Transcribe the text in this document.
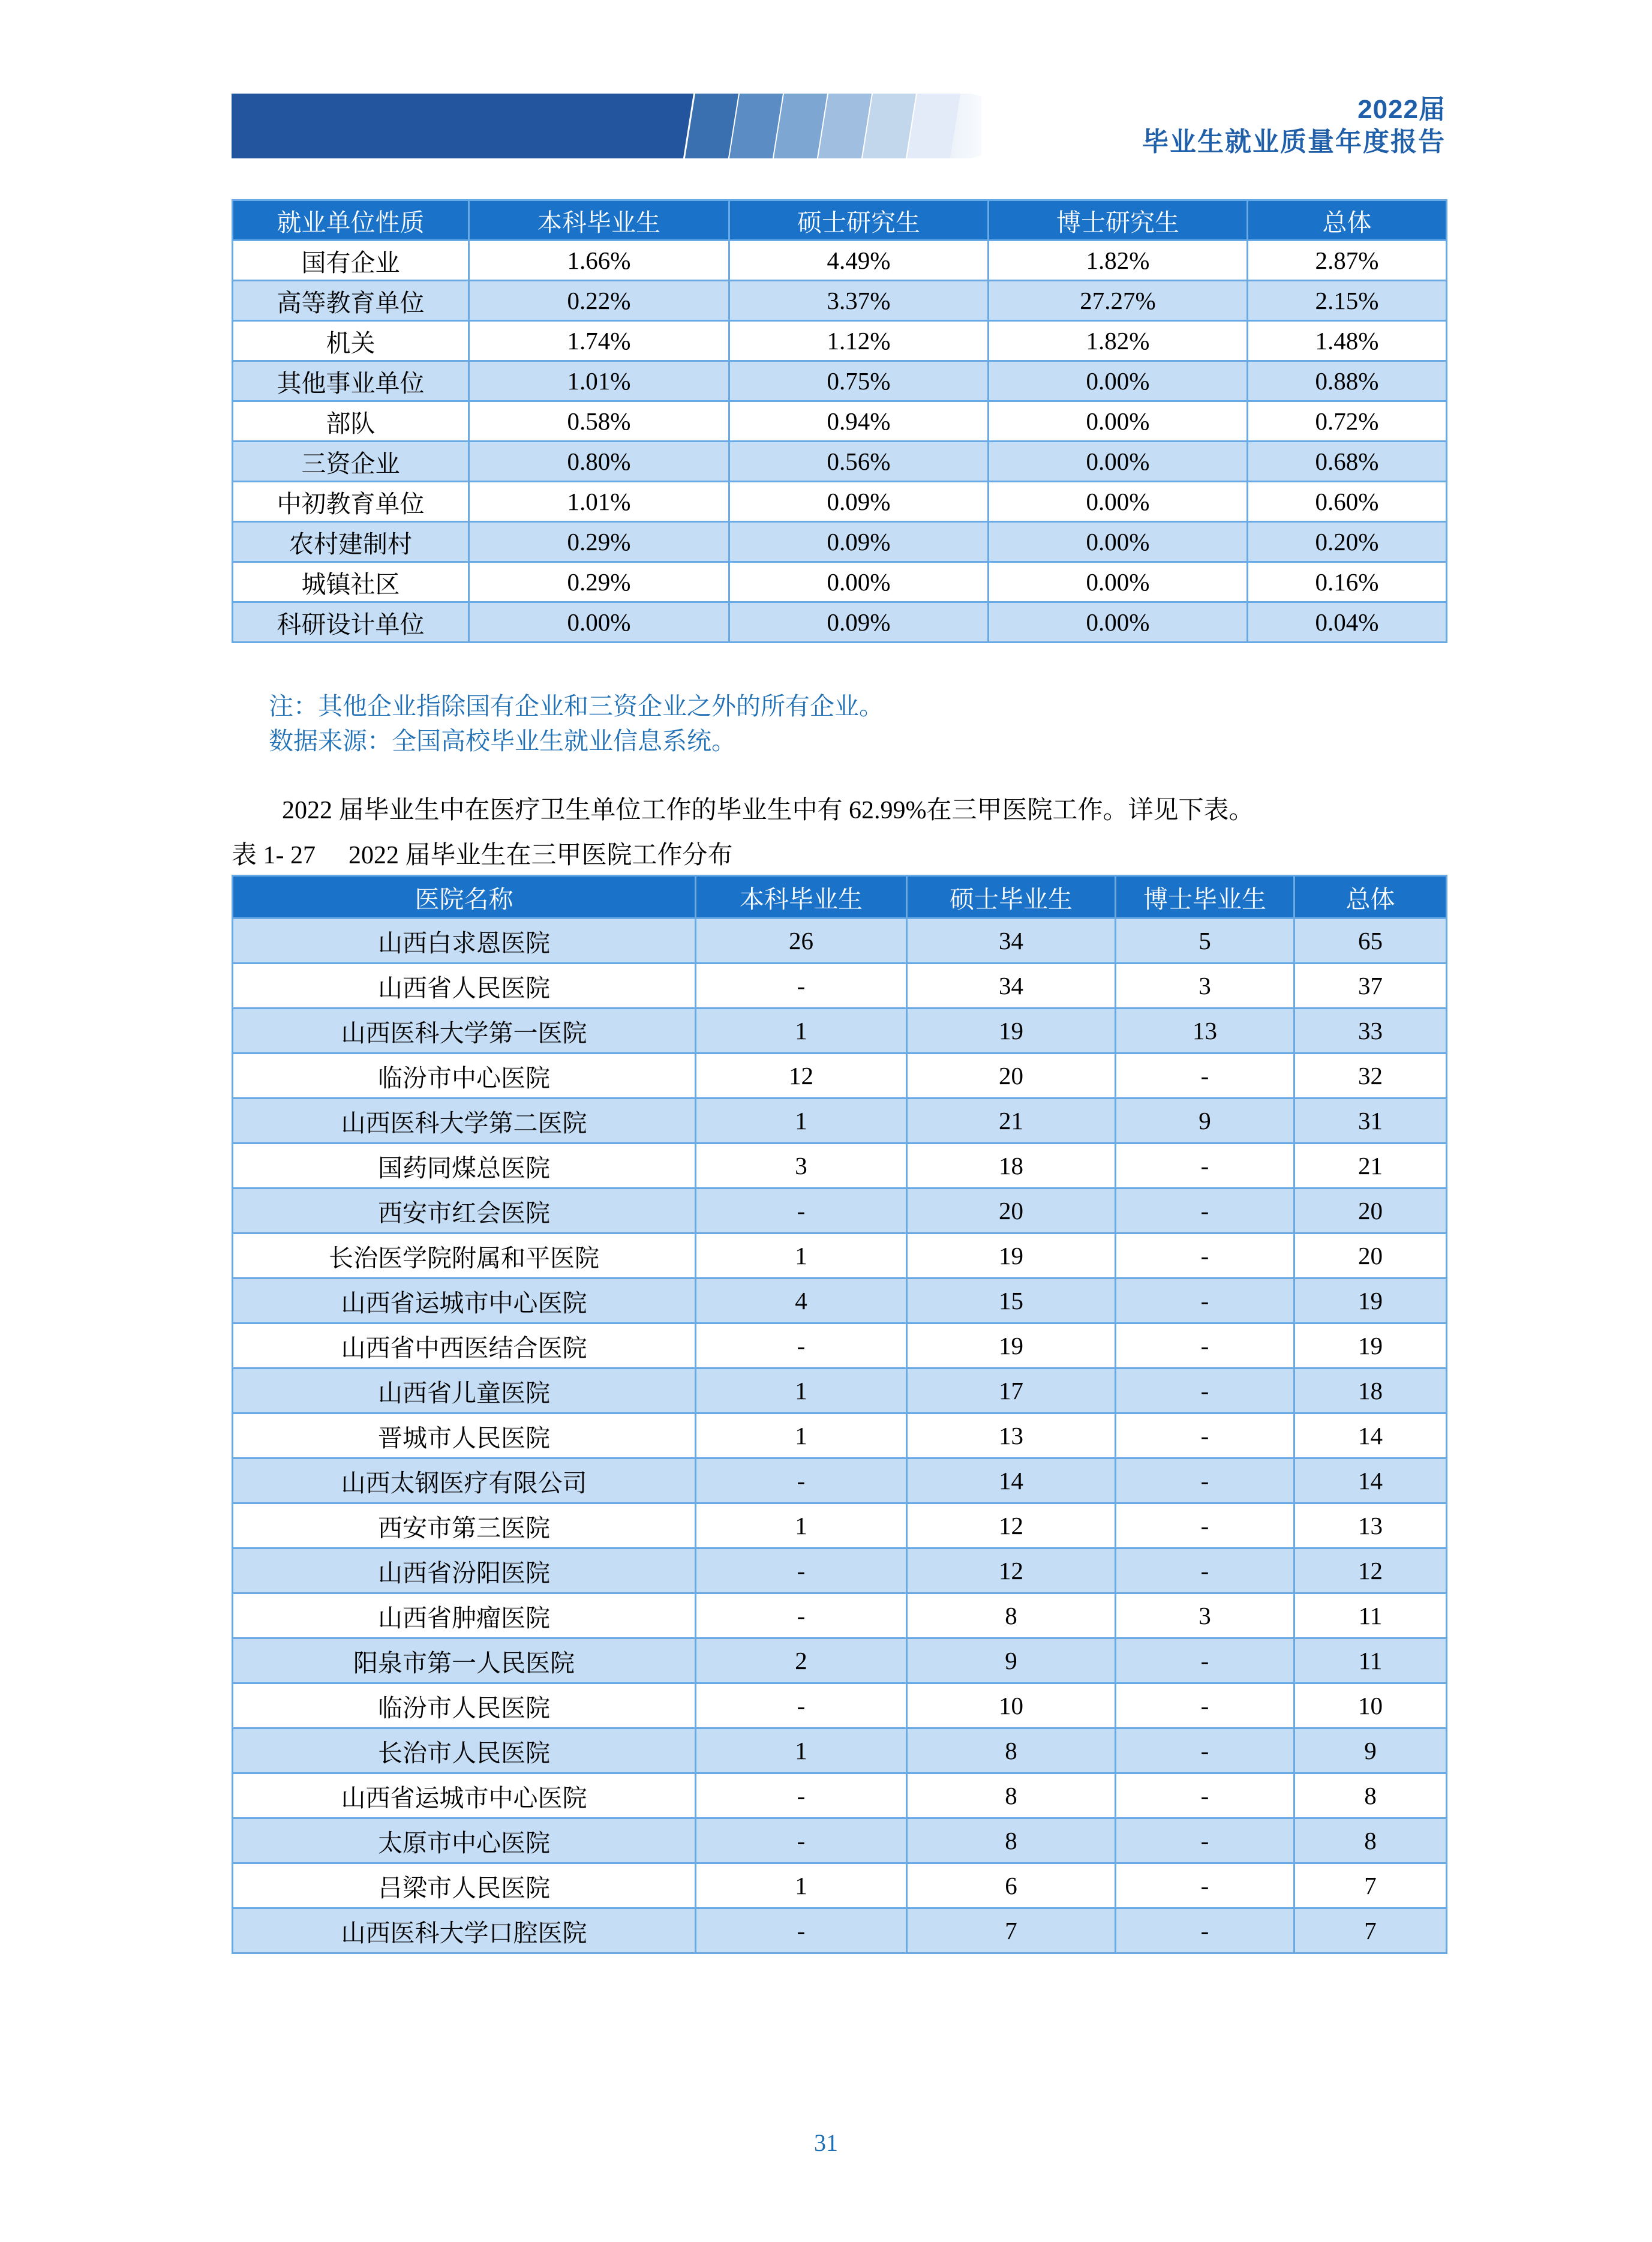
2022届
毕业生就业质量年度报告
就业单位性质	本科毕业生	硕士研究生	博士研究生	总体
国有企业	1.66%	4.49%	1.82%	2.87%
高等教育单位	0.22%	3.37%	27.27%	2.15%
机关	1.74%	1.12%	1.82%	1.48%
其他事业单位	1.01%	0.75%	0.00%	0.88%
部队	0.58%	0.94%	0.00%	0.72%
三资企业	0.80%	0.56%	0.00%	0.68%
中初教育单位	1.01%	0.09%	0.00%	0.60%
农村建制村	0.29%	0.09%	0.00%	0.20%
城镇社区	0.29%	0.00%	0.00%	0.16%
科研设计单位	0.00%	0.09%	0.00%	0.04%
注：其他企业指除国有企业和三资企业之外的所有企业。
数据来源：全国高校毕业生就业信息系统。
2022 届毕业生中在医疗卫生单位工作的毕业生中有 62.99%在三甲医院工作。详见下表。
表 1- 27 2022 届毕业生在三甲医院工作分布
医院名称	本科毕业生	硕士毕业生	博士毕业生	总体
山西白求恩医院	26	34	5	65
山西省人民医院	-	34	3	37
山西医科大学第一医院	1	19	13	33
临汾市中心医院	12	20	-	32
山西医科大学第二医院	1	21	9	31
国药同煤总医院	3	18	-	21
西安市红会医院	-	20	-	20
长治医学院附属和平医院	1	19	-	20
山西省运城市中心医院	4	15	-	19
山西省中西医结合医院	-	19	-	19
山西省儿童医院	1	17	-	18
晋城市人民医院	1	13	-	14
山西太钢医疗有限公司	-	14	-	14
西安市第三医院	1	12	-	13
山西省汾阳医院	-	12	-	12
山西省肿瘤医院	-	8	3	11
阳泉市第一人民医院	2	9	-	11
临汾市人民医院	-	10	-	10
长治市人民医院	1	8	-	9
山西省运城市中心医院	-	8	-	8
太原市中心医院	-	8	-	8
吕梁市人民医院	1	6	-	7
山西医科大学口腔医院	-	7	-	7
31
